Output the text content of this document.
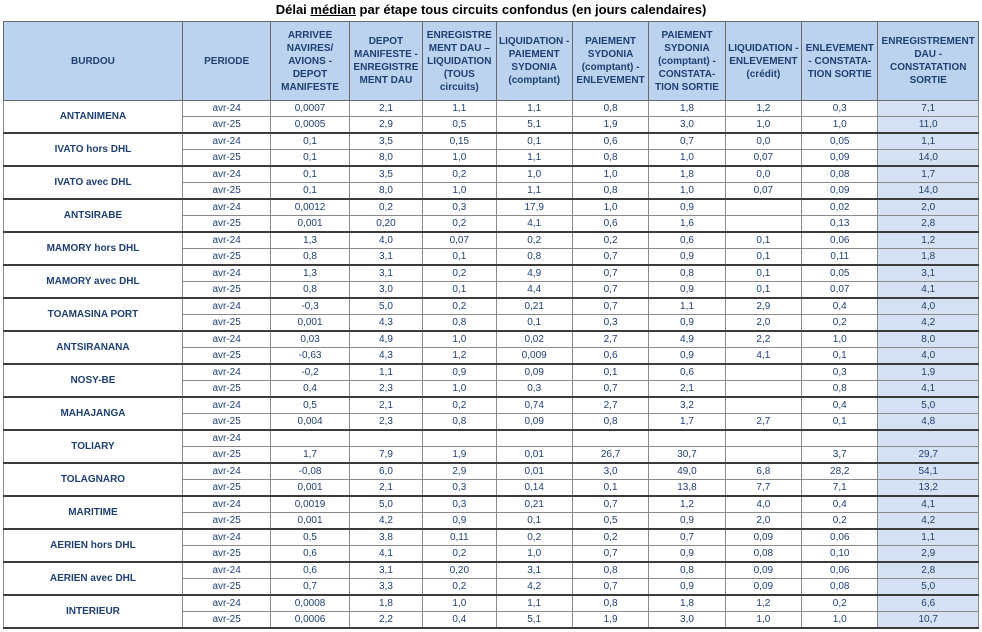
Délai médian par étape tous circuits confondus (en jours calendaires)
BURDOU	PERIODE	ARRIVEE NAVIRES/ AVIONS - DEPOT MANIFESTE	DEPOT MANIFESTE - ENREGISTRE MENT DAU	ENREGISTRE MENT DAU – LIQUIDATION (TOUS circuits)	LIQUIDATION - PAIEMENT SYDONIA (comptant)	PAIEMENT SYDONIA (comptant) - ENLEVEMENT	PAIEMENT SYDONIA (comptant) - CONSTATA-TION SORTIE	LIQUIDATION - ENLEVEMENT (crédit)	ENLEVEMENT - CONSTATA-TION SORTIE	ENREGISTREMENT DAU - CONSTATATION SORTIE
ANTANIMENA	avr-24	0,0007	2,1	1,1	1,1	0,8	1,8	1,2	0,3	7,1
	avr-25	0,0005	2,9	0,5	5,1	1,9	3,0	1,0	1,0	11,0
IVATO hors DHL	avr-24	0,1	3,5	0,15	0,1	0,6	0,7	0,0	0,05	1,1
	avr-25	0,1	8,0	1,0	1,1	0,8	1,0	0,07	0,09	14,0
IVATO avec DHL	avr-24	0,1	3,5	0,2	1,0	1,0	1,8	0,0	0,08	1,7
	avr-25	0,1	8,0	1,0	1,1	0,8	1,0	0,07	0,09	14,0
ANTSIRABE	avr-24	0,0012	0,2	0,3	17,9	1,0	0,9		0,02	2,0
	avr-25	0,001	0,20	0,2	4,1	0,6	1,6		0,13	2,8
MAMORY hors DHL	avr-24	1,3	4,0	0,07	0,2	0,2	0,6	0,1	0,06	1,2
	avr-25	0,8	3,1	0,1	0,8	0,7	0,9	0,1	0,11	1,8
MAMORY avec DHL	avr-24	1,3	3,1	0,2	4,9	0,7	0,8	0,1	0,05	3,1
	avr-25	0,8	3,0	0,1	4,4	0,7	0,9	0,1	0,07	4,1
TOAMASINA PORT	avr-24	-0,3	5,0	0,2	0,21	0,7	1,1	2,9	0,4	4,0
	avr-25	0,001	4,3	0,8	0,1	0,3	0,9	2,0	0,2	4,2
ANTSIRANANA	avr-24	0,03	4,9	1,0	0,02	2,7	4,9	2,2	1,0	8,0
	avr-25	-0,63	4,3	1,2	0,009	0,6	0,9	4,1	0,1	4,0
NOSY-BE	avr-24	-0,2	1,1	0,9	0,09	0,1	0,6		0,3	1,9
	avr-25	0,4	2,3	1,0	0,3	0,7	2,1		0,8	4,1
MAHAJANGA	avr-24	0,5	2,1	0,2	0,74	2,7	3,2		0,4	5,0
	avr-25	0,004	2,3	0,8	0,09	0,8	1,7	2,7	0,1	4,8
TOLIARY	avr-24									
	avr-25	1,7	7,9	1,9	0,01	26,7	30,7		3,7	29,7
TOLAGNARO	avr-24	-0,08	6,0	2,9	0,01	3,0	49,0	6,8	28,2	54,1
	avr-25	0,001	2,1	0,3	0,14	0,1	13,8	7,7	7,1	13,2
MARITIME	avr-24	0,0019	5,0	0,3	0,21	0,7	1,2	4,0	0,4	4,1
	avr-25	0,001	4,2	0,9	0,1	0,5	0,9	2,0	0,2	4,2
AERIEN hors DHL	avr-24	0,5	3,8	0,11	0,2	0,2	0,7	0,09	0,06	1,1
	avr-25	0,6	4,1	0,2	1,0	0,7	0,9	0,08	0,10	2,9
AERIEN avec DHL	avr-24	0,6	3,1	0,20	3,1	0,8	0,8	0,09	0,06	2,8
	avr-25	0,7	3,3	0,2	4,2	0,7	0,9	0,09	0,08	5,0
INTERIEUR	avr-24	0,0008	1,8	1,0	1,1	0,8	1,8	1,2	0,2	6,6
	avr-25	0,0006	2,2	0,4	5,1	1,9	3,0	1,0	1,0	10,7
